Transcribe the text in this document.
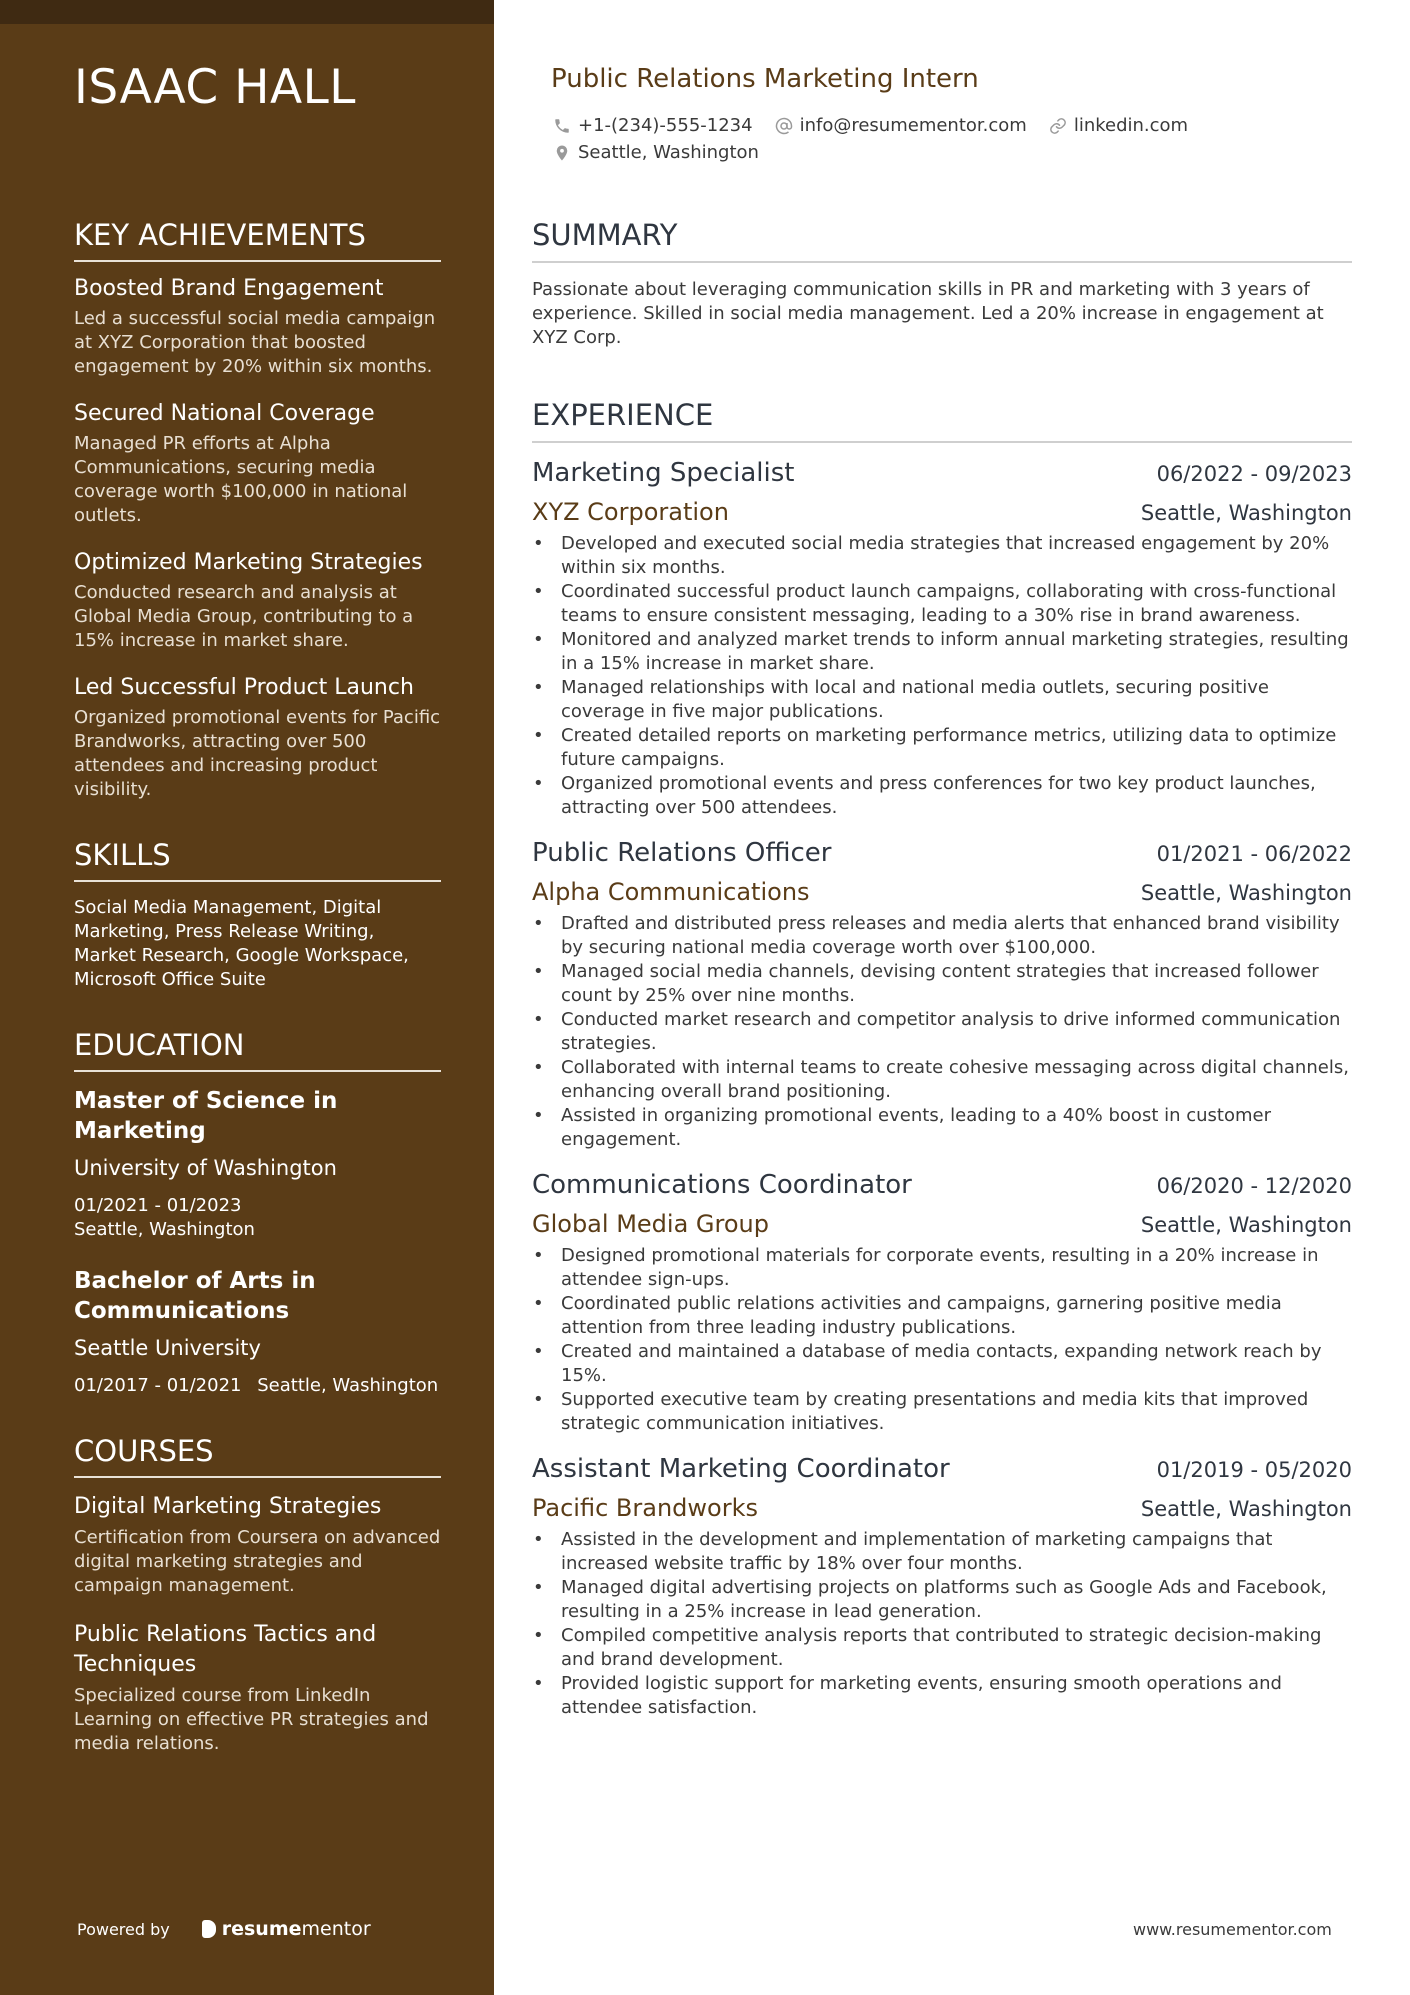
ISAAC HALL
KEY ACHIEVEMENTS

Boosted Brand Engagement

Led a successful social media campaign at XYZ Corporation that boosted engagement by 20% within six months.

Secured National Coverage

Managed PR efforts at Alpha Communications, securing media coverage worth $100,000 in national outlets.

Optimized Marketing Strategies

Conducted research and analysis at Global Media Group, contributing to a 15% increase in market share.

Led Successful Product Launch

Organized promotional events for Pacific Brandworks, attracting over 500 attendees and increasing product visibility.

SKILLS

Social Media Management, Digital Marketing, Press Release Writing, Market Research, Google Workspace, Microsoft Office Suite

EDUCATION

Master of Science in Marketing

University of Washington

01/2021 - 01/2023
Seattle, Washington

Bachelor of Arts in Communications

Seattle University

01/2017 - 01/2021 Seattle, Washington
COURSES

Digital Marketing Strategies

Certification from Coursera on advanced digital marketing strategies and campaign management.

Public Relations Tactics and Techniques

Specialized course from LinkedIn Learning on effective PR strategies and media relations.

Powered by	resume mentor
Public Relations Marketing Intern
+1-(234)-555-1234	info@resumementor.com	linkedin.com
Seattle, Washington
SUMMARY

Passionate about leveraging communication skills in PR and marketing with 3 years of experience. Skilled in social media management. Led a 20% increase in engagement at XYZ Corp.

EXPERIENCE
Marketing Specialist	06/2022 - 09/2023
XYZ Corporation	Seattle, Washington
• Developed and executed social media strategies that increased engagement by 20% within six months.
• Coordinated successful product launch campaigns, collaborating with cross-functional teams to ensure consistent messaging, leading to a 30% rise in brand awareness.
• Monitored and analyzed market trends to inform annual marketing strategies, resulting in a 15% increase in market share.
• Managed relationships with local and national media outlets, securing positive coverage in five major publications.
• Created detailed reports on marketing performance metrics, utilizing data to optimize future campaigns.
• Organized promotional events and press conferences for two key product launches, attracting over 500 attendees.
Public Relations Officer	01/2021 - 06/2022
Alpha Communications	Seattle, Washington
• Drafted and distributed press releases and media alerts that enhanced brand visibility by securing national media coverage worth over $100,000.
• Managed social media channels, devising content strategies that increased follower count by 25% over nine months.
• Conducted market research and competitor analysis to drive informed communication strategies.
• Collaborated with internal teams to create cohesive messaging across digital channels, enhancing overall brand positioning.
• Assisted in organizing promotional events, leading to a 40% boost in customer engagement.
Communications Coordinator	06/2020 - 12/2020
Global Media Group	Seattle, Washington
• Designed promotional materials for corporate events, resulting in a 20% increase in attendee sign-ups.
• Coordinated public relations activities and campaigns, garnering positive media attention from three leading industry publications.
• Created and maintained a database of media contacts, expanding network reach by 15%.
• Supported executive team by creating presentations and media kits that improved strategic communication initiatives.
Assistant Marketing Coordinator	01/2019 - 05/2020
Pacific Brandworks	Seattle, Washington
• Assisted in the development and implementation of marketing campaigns that increased website traffic by 18% over four months.
• Managed digital advertising projects on platforms such as Google Ads and Facebook, resulting in a 25% increase in lead generation.
• Compiled competitive analysis reports that contributed to strategic decision-making and brand development.
• Provided logistic support for marketing events, ensuring smooth operations and attendee satisfaction.
www.resumementor.com
